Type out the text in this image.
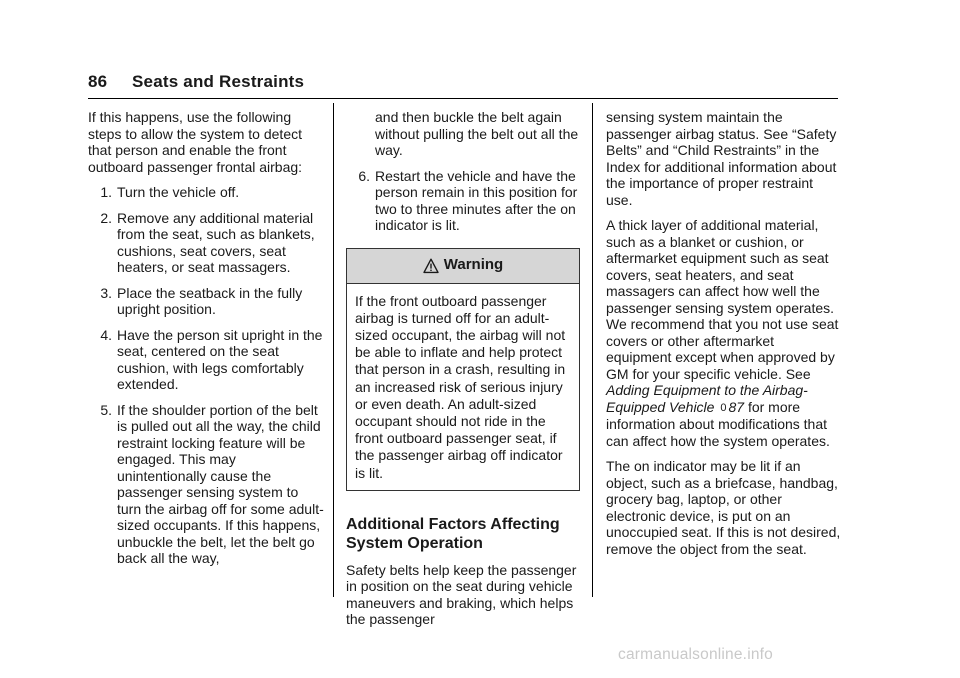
86 Seats and Restraints

If this happens, use the following steps to allow the system to detect that person and enable the front outboard passenger frontal airbag:

1. Turn the vehicle off.
2. Remove any additional material from the seat, such as blankets, cushions, seat covers, seat heaters, or seat massagers.
3. Place the seatback in the fully upright position.
4. Have the person sit upright in the seat, centered on the seat cushion, with legs comfortably extended.
5. If the shoulder portion of the belt is pulled out all the way, the child restraint locking feature will be engaged. This may unintentionally cause the passenger sensing system to turn the airbag off for some adult-sized occupants. If this happens, unbuckle the belt, let the belt go back all the way,

and then buckle the belt again without pulling the belt out all the way.

6. Restart the vehicle and have the person remain in this position for two to three minutes after the on indicator is lit.
Warning
If the front outboard passenger airbag is turned off for an adult-sized occupant, the airbag will not be able to inflate and help protect that person in a crash, resulting in an increased risk of serious injury or even death. An adult-sized occupant should not ride in the front outboard passenger seat, if the passenger airbag off indicator is lit.
Additional Factors Affecting System Operation

Safety belts help keep the passenger in position on the seat during vehicle maneuvers and braking, which helps the passenger

sensing system maintain the passenger airbag status. See “Safety Belts” and “Child Restraints” in the Index for additional information about the importance of proper restraint use.

A thick layer of additional material, such as a blanket or cushion, or aftermarket equipment such as seat covers, seat heaters, and seat massagers can affect how well the passenger sensing system operates. We recommend that you not use seat covers or other aftermarket equipment except when approved by GM for your specific vehicle. See Adding Equipment to the Airbag-Equipped Vehicle 0 87 for more information about modifications that can affect how the system operates.

The on indicator may be lit if an object, such as a briefcase, handbag, grocery bag, laptop, or other electronic device, is put on an unoccupied seat. If this is not desired, remove the object from the seat.

carmanualsonline.info
